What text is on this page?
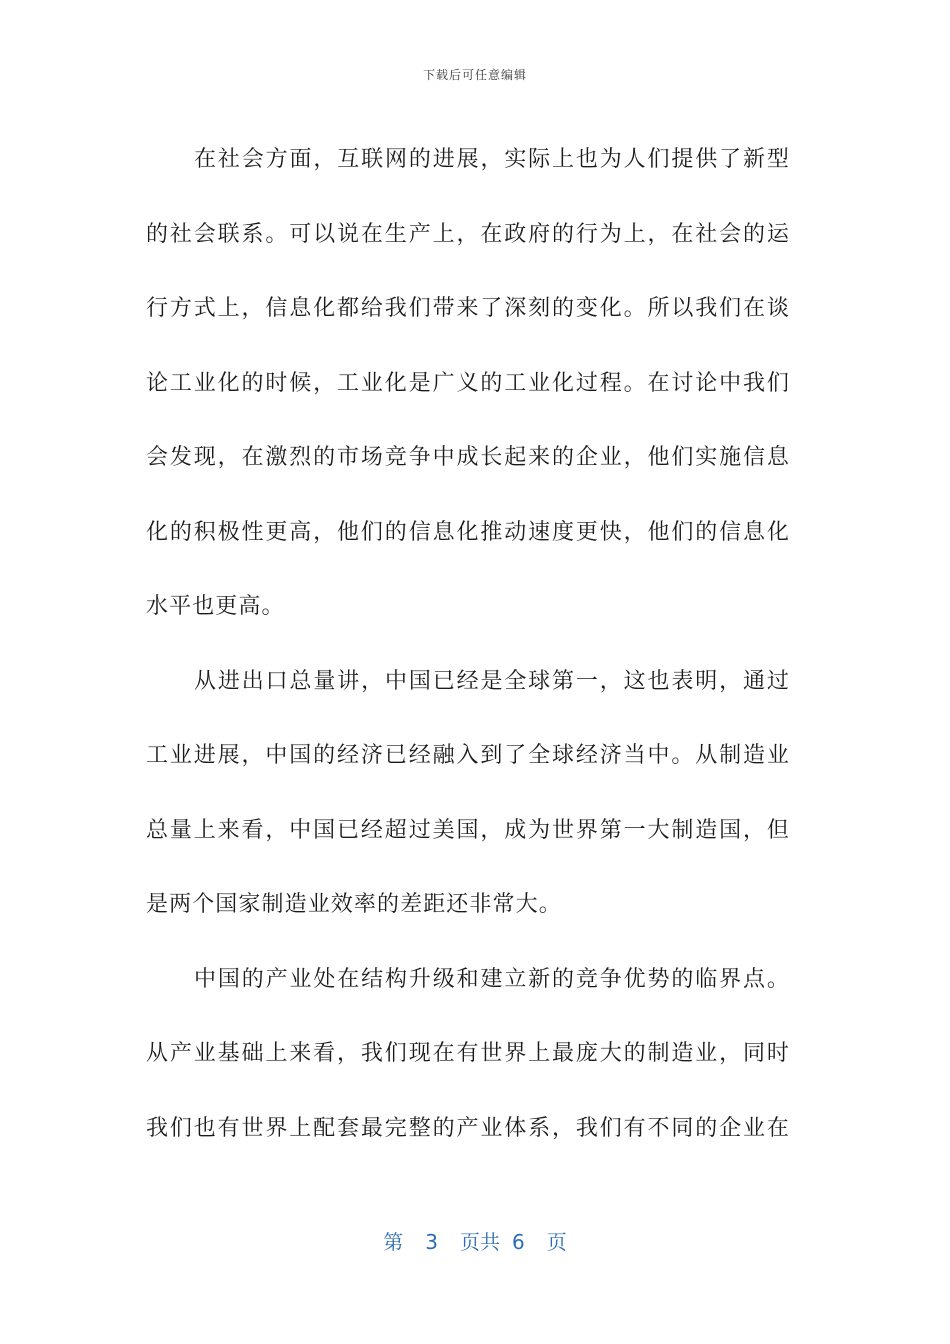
下载后可任意编辑
在社会方面，互联网的进展，实际上也为人们提供了新型
的社会联系。可以说在生产上，在政府的行为上，在社会的运
行方式上，信息化都给我们带来了深刻的变化。所以我们在谈
论工业化的时候，工业化是广义的工业化过程。在讨论中我们
会发现，在激烈的市场竞争中成长起来的企业，他们实施信息
化的积极性更高，他们的信息化推动速度更快，他们的信息化
水平也更高。
从进出口总量讲，中国已经是全球第一，这也表明，通过
工业进展，中国的经济已经融入到了全球经济当中。从制造业
总量上来看，中国已经超过美国，成为世界第一大制造国，但
是两个国家制造业效率的差距还非常大。
中国的产业处在结构升级和建立新的竞争优势的临界点。
从产业基础上来看，我们现在有世界上最庞大的制造业，同时
我们也有世界上配套最完整的产业体系，我们有不同的企业在
第 3 页共 6 页
